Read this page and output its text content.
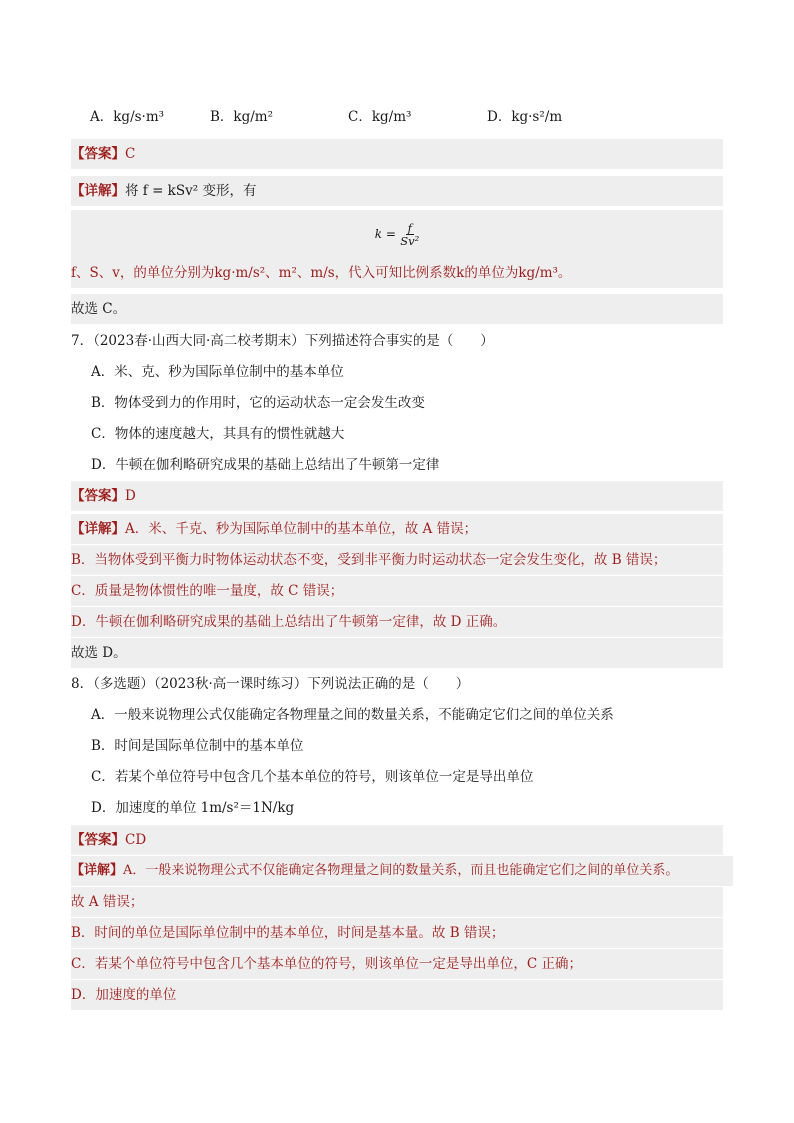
A．kg/s·m³	B．kg/m²	C．kg/m³	D．kg·s²/m
【答案】C
【详解】将 f = kSv² 变形，有
$k = \frac{f}{\text{Sv²}}$
f、S、v，的单位分别为kg·m/s²、m²、m/s，代入可知比例系数k的单位为kg/m³。
故选 C。
7．（2023春·山西大同·高二校考期末）下列描述符合事实的是（　　）
A．米、克、秒为国际单位制中的基本单位
B．物体受到力的作用时，它的运动状态一定会发生改变
C．物体的速度越大，其具有的惯性就越大
D．牛顿在伽利略研究成果的基础上总结出了牛顿第一定律
【答案】D
【详解】A．米、千克、秒为国际单位制中的基本单位，故 A 错误；
B．当物体受到平衡力时物体运动状态不变，受到非平衡力时运动状态一定会发生变化，故 B 错误；
C．质量是物体惯性的唯一量度，故 C 错误；
D．牛顿在伽利略研究成果的基础上总结出了牛顿第一定律，故 D 正确。
故选 D。
8．（多选题）（2023秋·高一课时练习）下列说法正确的是（　　）
A．一般来说物理公式仅能确定各物理量之间的数量关系，不能确定它们之间的单位关系
B．时间是国际单位制中的基本单位
C．若某个单位符号中包含几个基本单位的符号，则该单位一定是导出单位
D．加速度的单位 1m/s²＝1N/kg
【答案】CD
【详解】A．一般来说物理公式不仅能确定各物理量之间的数量关系，而且也能确定它们之间的单位关系。
故 A 错误；
B．时间的单位是国际单位制中的基本单位，时间是基本量。故 B 错误；
C．若某个单位符号中包含几个基本单位的符号，则该单位一定是导出单位，C 正确；
D．加速度的单位
